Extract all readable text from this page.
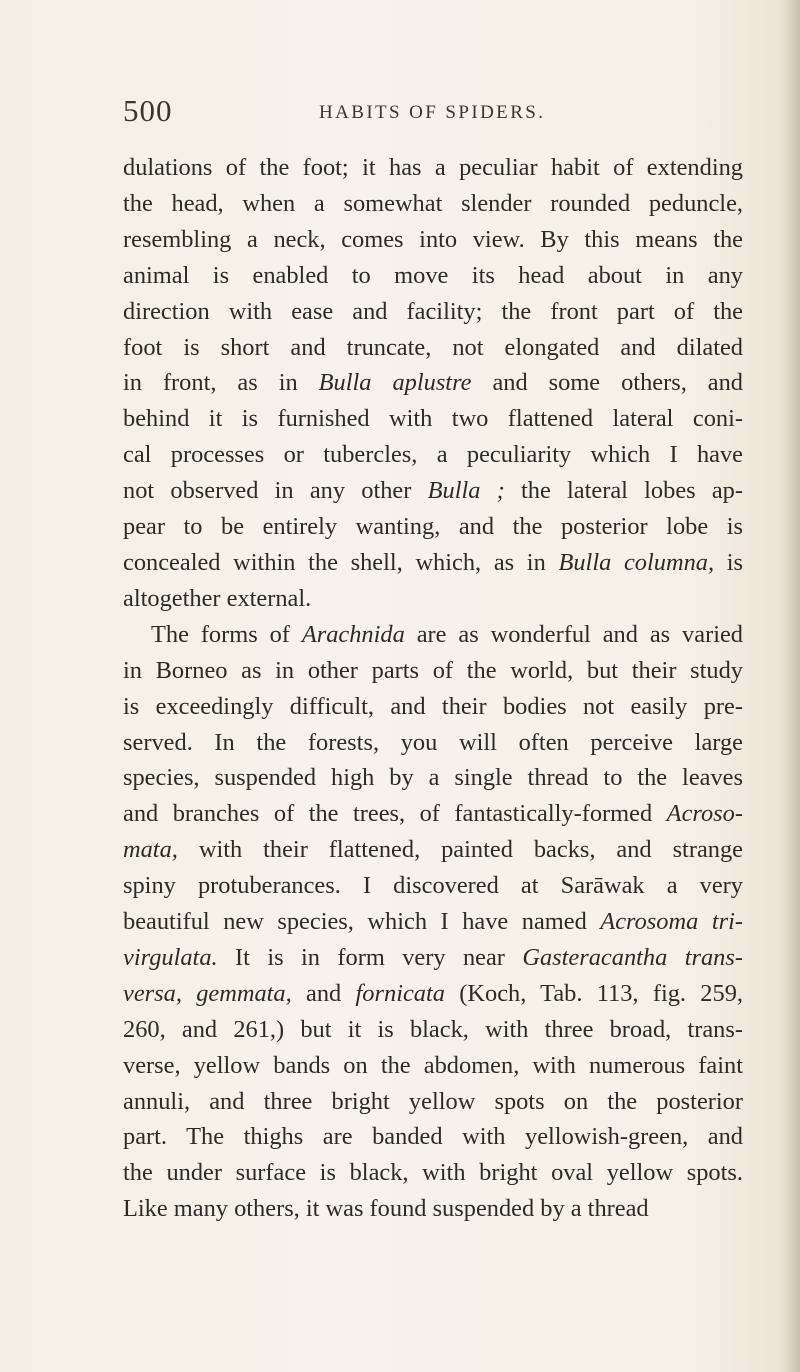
500	HABITS OF SPIDERS.
dulations of the foot; it has a peculiar habit of extending
the head, when a somewhat slender rounded peduncle,
resembling a neck, comes into view. By this means the
animal is enabled to move its head about in any
direction with ease and facility; the front part of the
foot is short and truncate, not elongated and dilated
in front, as in Bulla aplustre and some others, and
behind it is furnished with two flattened lateral coni-
cal processes or tubercles, a peculiarity which I have
not observed in any other Bulla ; the lateral lobes ap-
pear to be entirely wanting, and the posterior lobe is
concealed within the shell, which, as in Bulla columna, is
altogether external.
The forms of Arachnida are as wonderful and as varied
in Borneo as in other parts of the world, but their study
is exceedingly difficult, and their bodies not easily pre-
served. In the forests, you will often perceive large
species, suspended high by a single thread to the leaves
and branches of the trees, of fantastically-formed Acroso-
mata, with their flattened, painted backs, and strange
spiny protuberances. I discovered at Sarāwak a very
beautiful new species, which I have named Acrosoma tri-
virgulata. It is in form very near Gasteracantha trans-
versa, gemmata, and fornicata (Koch, Tab. 113, fig. 259,
260, and 261,) but it is black, with three broad, trans-
verse, yellow bands on the abdomen, with numerous faint
annuli, and three bright yellow spots on the posterior
part. The thighs are banded with yellowish-green, and
the under surface is black, with bright oval yellow spots.
Like many others, it was found suspended by a thread
